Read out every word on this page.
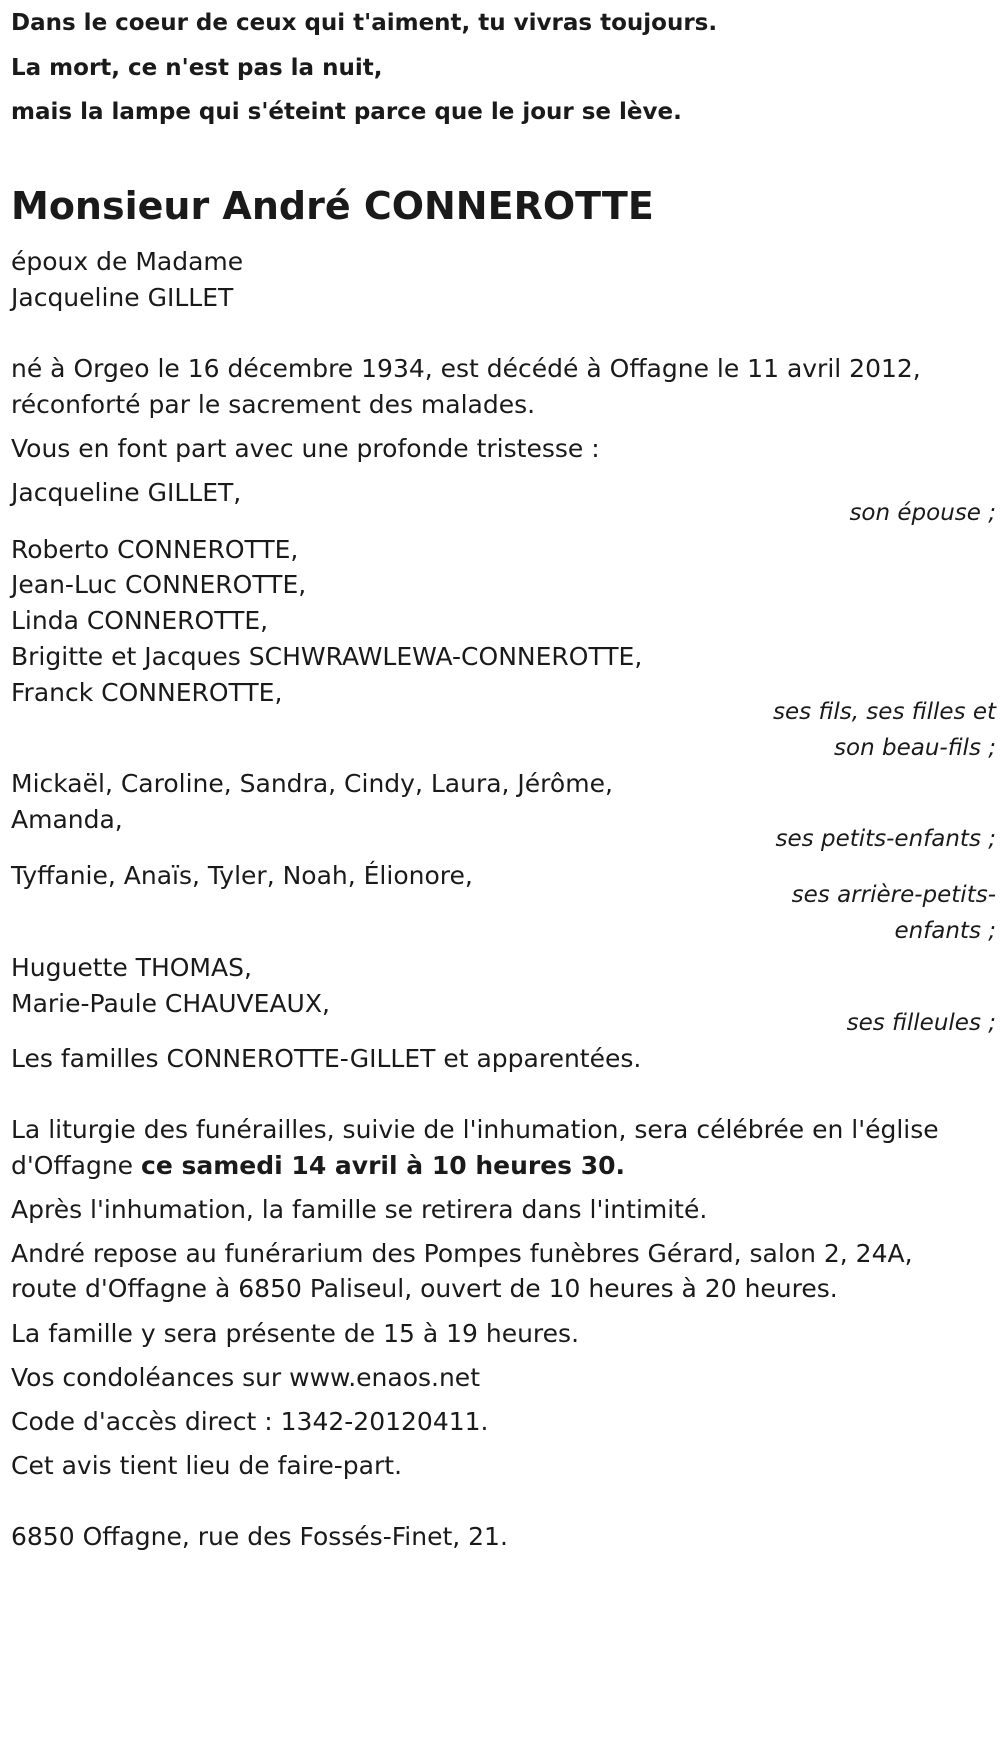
Dans le coeur de ceux qui t'aiment, tu vivras toujours.
La mort, ce n'est pas la nuit,
mais la lampe qui s'éteint parce que le jour se lève.
Monsieur André CONNEROTTE
époux de Madame
Jacqueline GILLET
né à Orgeo le 16 décembre 1934, est décédé à Offagne le 11 avril 2012,
réconforté par le sacrement des malades.
Vous en font part avec une profonde tristesse :
Jacqueline GILLET,
son épouse ;
Roberto CONNEROTTE,
Jean-Luc CONNEROTTE,
Linda CONNEROTTE,
Brigitte et Jacques SCHWRAWLEWA-CONNEROTTE,
Franck CONNEROTTE,
ses fils, ses filles et
son beau-fils ;
Mickaël, Caroline, Sandra, Cindy, Laura, Jérôme,
Amanda,
ses petits-enfants ;
Tyffanie, Anaïs, Tyler, Noah, Élionore,
ses arrière-petits-
enfants ;
Huguette THOMAS,
Marie-Paule CHAUVEAUX,
ses filleules ;
Les familles CONNEROTTE-GILLET et apparentées.
La liturgie des funérailles, suivie de l'inhumation, sera célébrée en l'église
d'Offagne ce samedi 14 avril à 10 heures 30.
Après l'inhumation, la famille se retirera dans l'intimité.
André repose au funérarium des Pompes funèbres Gérard, salon 2, 24A,
route d'Offagne à 6850 Paliseul, ouvert de 10 heures à 20 heures.
La famille y sera présente de 15 à 19 heures.
Vos condoléances sur www.enaos.net
Code d'accès direct : 1342-20120411.
Cet avis tient lieu de faire-part.
6850 Offagne, rue des Fossés-Finet, 21.
